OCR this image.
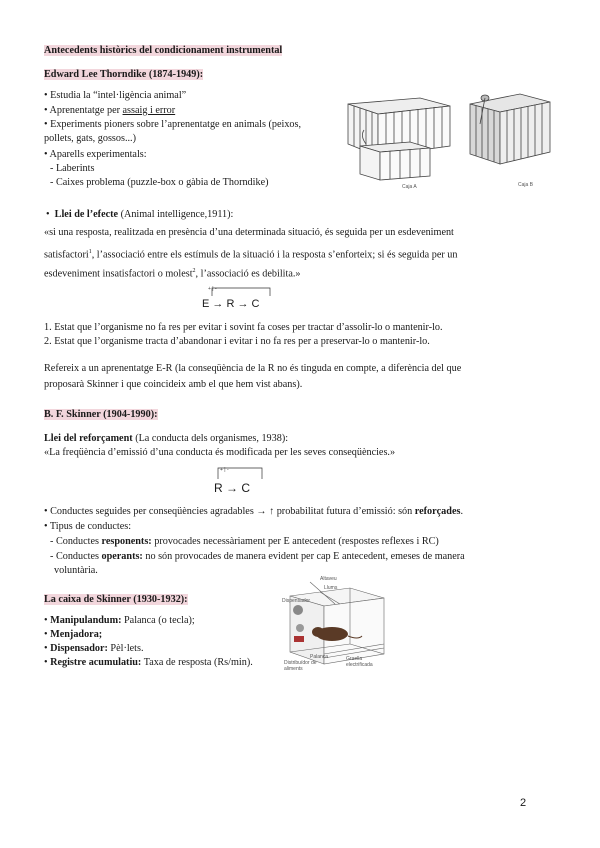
Antecedents històrics del condicionament instrumental
Edward Lee Thorndike (1874-1949):
• Estudia la “intel·ligència animal”
• Aprenentatge per assaig i error
• Experiments pioners sobre l’aprenentatge en animals (peixos,
pollets, gats, gossos...)
• Aparells experimentals:
- Laberints
- Caixes problema (puzzle-box o gàbia de Thorndike)	Caja A	Caja B
• Llei de l’efecte (Animal intelligence,1911):
«si una resposta, realitzada en presència d’una determinada situació, és seguida per un esdeveniment
satisfactori$^1$, l’associació entre els estímuls de la situació i la resposta s’enforteix; si és seguida per un
esdeveniment insatisfactori o molest$^2$, l’associació es debilita.»
+ | -
E → R → C
1. Estat que l’organisme no fa res per evitar i sovint fa coses per tractar d’assolir-lo o mantenir-lo.
2. Estat que l’organisme tracta d’abandonar i evitar i no fa res per a preservar-lo o mantenir-lo.
Refereix a un aprenentatge E-R (la conseqüència de la R no és tinguda en compte, a diferència del que
proposarà Skinner i que coincideix amb el que hem vist abans).
B. F. Skinner (1904-1990):
Llei del reforçament (La conducta dels organismes, 1938):
«La freqüència d’emissió d’una conducta és modificada per les seves conseqüències.»
+ | -
R → C
• Conductes seguides per conseqüències agradables → ↑ probabilitat futura d’emissió: són reforçades.
• Tipus de conductes:
- Conductes responents: provocades necessàriament per E antecedent (respostes reflexes i RC)
- Conductes operants: no són provocades de manera evident per cap E antecedent, emeses de manera
voluntària.
La caixa de Skinner (1930-1932):
• Manipulandum: Palanca (o tecla);
• Menjadora;
• Dispensador: Pèl·lets.
• Registre acumulatiu: Taxa de resposta (Rs/min).
Altaveu
Llums
Dispensador
Palanca
Distribuïdor de aliments
Graella electrificada
2
